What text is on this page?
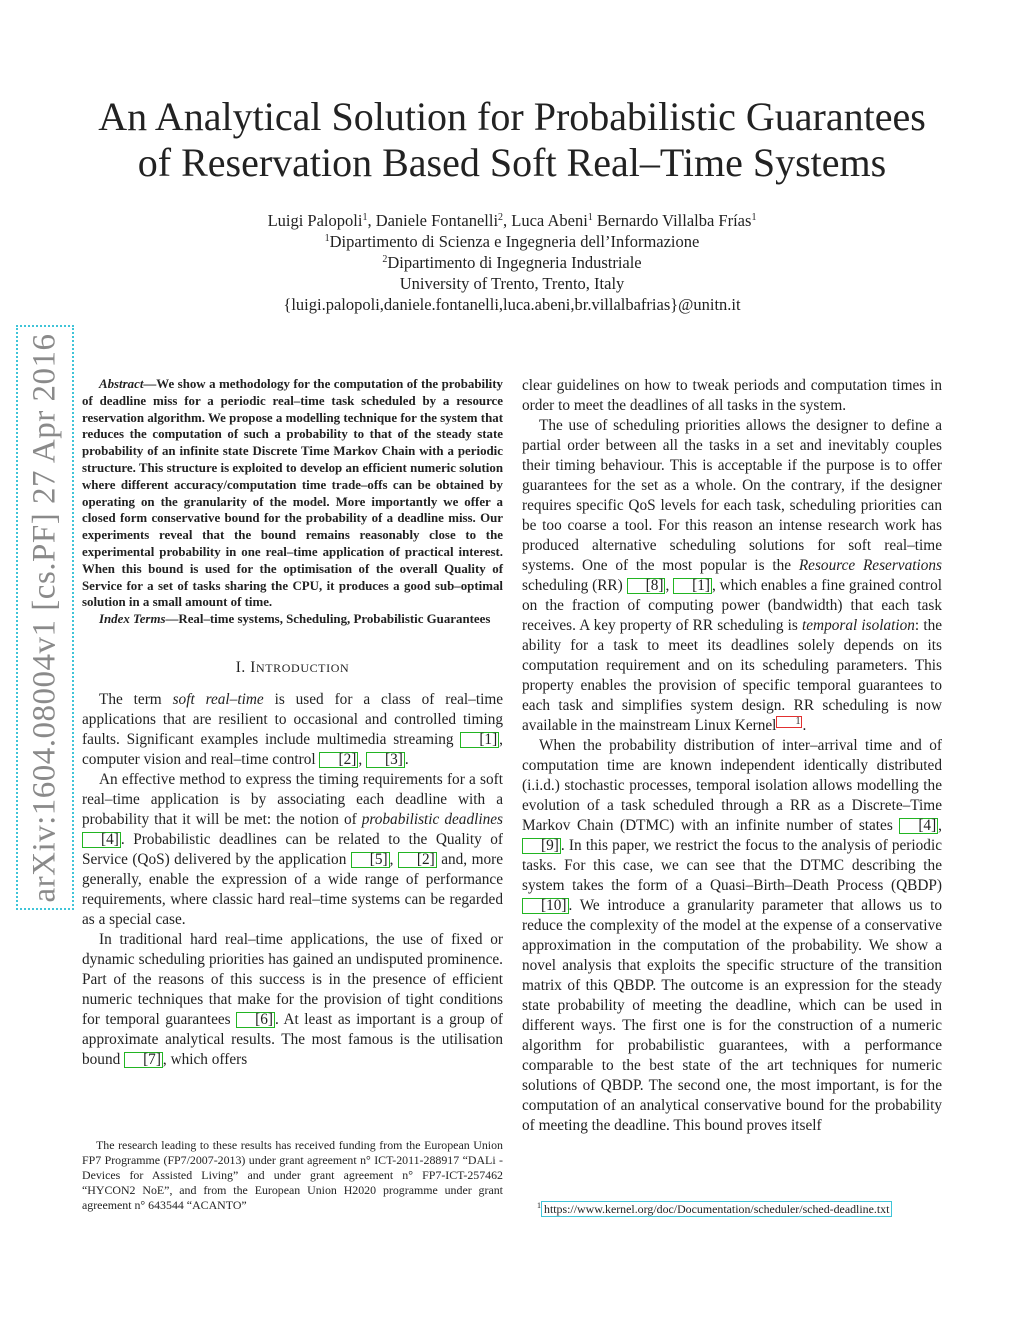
arXiv:1604.08004v1 [cs.PF] 27 Apr 2016
An Analytical Solution for Probabilistic Guarantees
of Reservation Based Soft Real–Time Systems
Luigi Palopoli$^1$, Daniele Fontanelli$^2$, Luca Abeni$^1$ Bernardo Villalba Frías$^1$
$^1$Dipartimento di Scienza e Ingegneria dell’Informazione
$^2$Dipartimento di Ingegneria Industriale
University of Trento, Trento, Italy
{luigi.palopoli,daniele.fontanelli,luca.abeni,br.villalbafrias}@unitn.it

Abstract—We show a methodology for the computation of the probability of deadline miss for a periodic real–time task scheduled by a resource reservation algorithm. We propose a modelling technique for the system that reduces the computation of such a probability to that of the steady state probability of an infinite state Discrete Time Markov Chain with a periodic structure. This structure is exploited to develop an efficient numeric solution where different accuracy/computation time trade–offs can be obtained by operating on the granularity of the model. More importantly we offer a closed form conservative bound for the probability of a deadline miss. Our experiments reveal that the bound remains reasonably close to the experimental probability in one real–time application of practical interest. When this bound is used for the optimisation of the overall Quality of Service for a set of tasks sharing the CPU, it produces a good sub–optimal solution in a small amount of time.

Index Terms—Real–time systems, Scheduling, Probabilistic Guarantees

I. INTRODUCTION

The term soft real–time is used for a class of real–time applications that are resilient to occasional and controlled timing faults. Significant examples include multimedia streaming [1] , computer vision and real–time control [2] , [3] .

An effective method to express the timing requirements for a soft real–time application is by associating each deadline with a probability that it will be met: the notion of probabilistic deadlines [4] . Probabilistic deadlines can be related to the Quality of Service (QoS) delivered by the application [5] , [2] and, more generally, enable the expression of a wide range of performance requirements, where classic hard real–time systems can be regarded as a special case.

In traditional hard real–time applications, the use of fixed or dynamic scheduling priorities has gained an undisputed prominence. Part of the reasons of this success is in the presence of efficient numeric techniques that make for the provision of tight conditions for temporal guarantees [6] . At least as important is a group of approximate analytical results. The most famous is the utilisation bound [7] , which offers

The research leading to these results has received funding from the European Union FP7 Programme (FP7/2007-2013) under grant agreement n° ICT-2011-288917 “DALi - Devices for Assisted Living” and under grant agreement n° FP7-ICT-257462 “HYCON2 NoE”, and from the European Union H2020 programme under grant agreement n° 643544 “ACANTO”

clear guidelines on how to tweak periods and computation times in order to meet the deadlines of all tasks in the system.

The use of scheduling priorities allows the designer to define a partial order between all the tasks in a set and inevitably couples their timing behaviour. This is acceptable if the purpose is to offer guarantees for the set as a whole. On the contrary, if the designer requires specific QoS levels for each task, scheduling priorities can be too coarse a tool. For this reason an intense research work has produced alternative scheduling solutions for soft real–time systems. One of the most popular is the Resource Reservations scheduling (RR) [8] , [1] , which enables a fine grained control on the fraction of computing power (bandwidth) that each task receives. A key property of RR scheduling is temporal isolation: the ability for a task to meet its deadlines solely depends on its computation requirement and on its scheduling parameters. This property enables the provision of specific temporal guarantees to each task and simplifies system design. RR scheduling is now available in the mainstream Linux Kernel 1 .

When the probability distribution of inter–arrival time and of computation time are known independent identically distributed (i.i.d.) stochastic processes, temporal isolation allows modelling the evolution of a task scheduled through a RR as a Discrete–Time Markov Chain (DTMC) with an infinite number of states [4] , [9] . In this paper, we restrict the focus to the analysis of periodic tasks. For this case, we can see that the DTMC describing the system takes the form of a Quasi–Birth–Death Process (QBDP) [10] . We introduce a granularity parameter that allows us to reduce the complexity of the model at the expense of a conservative approximation in the computation of the probability. We show a novel analysis that exploits the specific structure of the transition matrix of this QBDP. The outcome is an expression for the steady state probability of meeting the deadline, which can be used in different ways. The first one is for the construction of a numeric algorithm for probabilistic guarantees, with a performance comparable to the best state of the art techniques for numeric solutions of QBDP. The second one, the most important, is for the computation of an analytical conservative bound for the probability of meeting the deadline. This bound proves itself

$^1$ https://www.kernel.org/doc/Documentation/scheduler/sched-deadline.txt
